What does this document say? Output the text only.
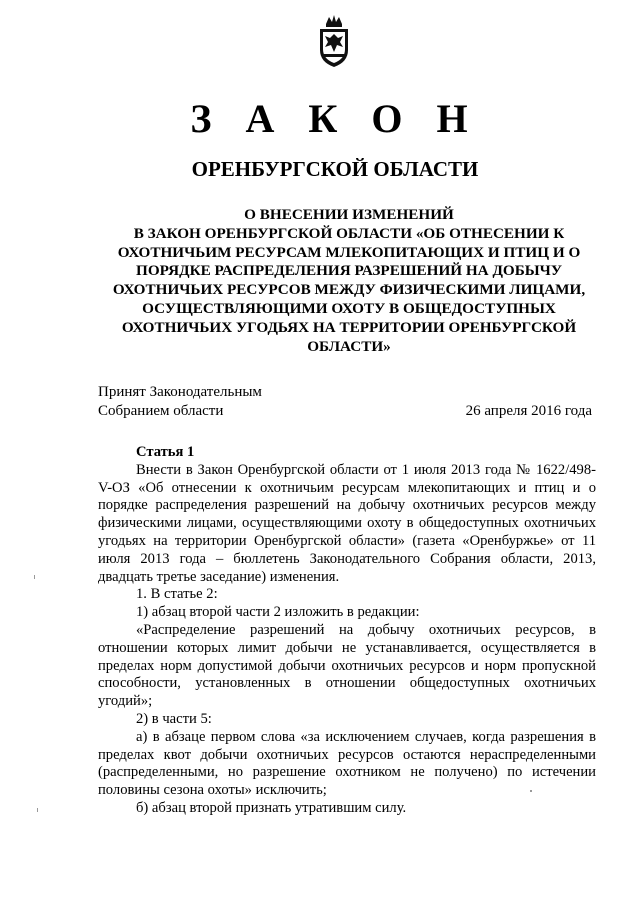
З А К О Н
ОРЕНБУРГСКОЙ ОБЛАСТИ
О ВНЕСЕНИИ ИЗМЕНЕНИЙ
В ЗАКОН ОРЕНБУРГСКОЙ ОБЛАСТИ «ОБ ОТНЕСЕНИИ К
ОХОТНИЧЬИМ РЕСУРСАМ МЛЕКОПИТАЮЩИХ И ПТИЦ И О
ПОРЯДКЕ РАСПРЕДЕЛЕНИЯ РАЗРЕШЕНИЙ НА ДОБЫЧУ
ОХОТНИЧЬИХ РЕСУРСОВ МЕЖДУ ФИЗИЧЕСКИМИ ЛИЦАМИ,
ОСУЩЕСТВЛЯЮЩИМИ ОХОТУ В ОБЩЕДОСТУПНЫХ
ОХОТНИЧЬИХ УГОДЬЯХ НА ТЕРРИТОРИИ ОРЕНБУРГСКОЙ
ОБЛАСТИ»
Принят Законодательным
Собранием области	26 апреля 2016 года

Статья 1

Внести в Закон Оренбургской области от 1 июля 2013 года № 1622/498-V-ОЗ «Об отнесении к охотничьим ресурсам млекопитающих и птиц и о порядке распределения разрешений на добычу охотничьих ресурсов между физическими лицами, осуществляющими охоту в общедоступных охотничьих угодьях на территории Оренбургской области» (газета «Оренбуржье» от 11 июля 2013 года – бюллетень Законодательного Собрания области, 2013, двадцать третье заседание) изменения.

1. В статье 2:

1) абзац второй части 2 изложить в редакции:

«Распределение разрешений на добычу охотничьих ресурсов, в отношении которых лимит добычи не устанавливается, осуществляется в пределах норм допустимой добычи охотничьих ресурсов и норм пропускной способности, установленных в отношении общедоступных охотничьих угодий»;

2) в части 5:

а) в абзаце первом слова «за исключением случаев, когда разрешения в пределах квот добычи охотничьих ресурсов остаются нераспределенными (распределенными, но разрешение охотником не получено) по истечении половины сезона охоты» исключить;

б) абзац второй признать утратившим силу.
